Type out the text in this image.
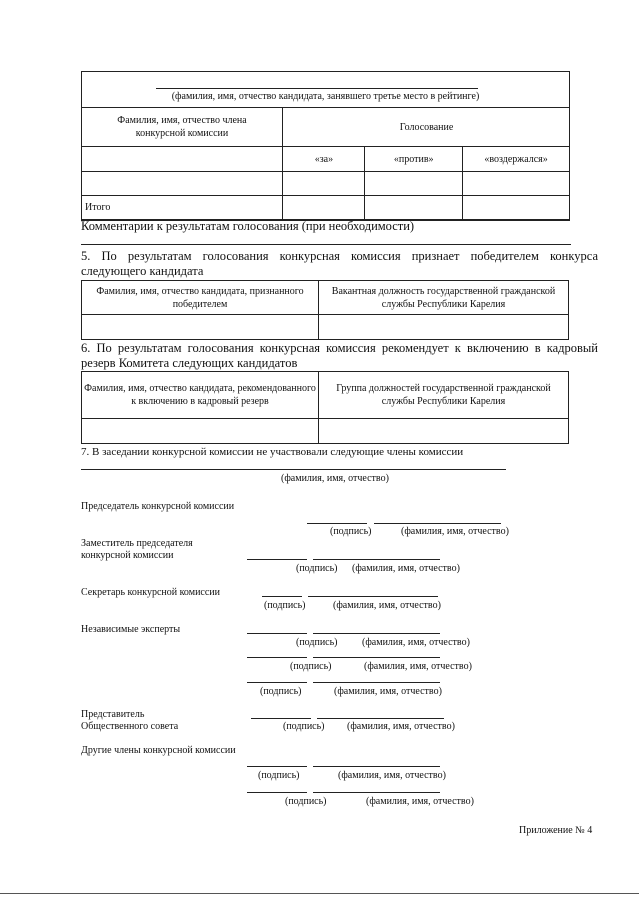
(фамилия, имя, отчество кандидата, занявшего третье место в рейтинге)
Фамилия, имя, отчество члена конкурсной комиссии
Голосование
	«за»	«против»	«воздержался»

Итого			
Комментарии к результатам голосования (при необходимости)
5. По результатам голосования конкурсная комиссия признает победителем конкурса
следующего кандидата
Фамилия, имя, отчество кандидата, признанного победителем	Вакантная должность государственной гражданской службы Республики Карелия

6. По результатам голосования конкурсная комиссия рекомендует к включению в кадровый
резерв Комитета следующих кандидатов
Фамилия, имя, отчество кандидата, рекомендованного к включению в кадровый резерв	Группа должностей государственной гражданской службы Республики Карелия

7. В заседании конкурсной комиссии не участвовали следующие члены комиссии
(фамилия, имя, отчество)
Председатель конкурсной комиссии
(подпись)	(фамилия, имя, отчество)
Заместитель председателя
конкурсной комиссии
(подпись) (фамилия, имя, отчество)
Секретарь конкурсной комиссии
(подпись)	(фамилия, имя, отчество)
Независимые эксперты
(подпись) (фамилия, имя, отчество)
(подпись)	(фамилия, имя, отчество)
(подпись)	(фамилия, имя, отчество)
Представитель
Общественного совета	(подпись) (фамилия, имя, отчество)
Другие члены конкурсной комиссии
(подпись)	(фамилия, имя, отчество)
(подпись)	(фамилия, имя, отчество)
Приложение № 4
